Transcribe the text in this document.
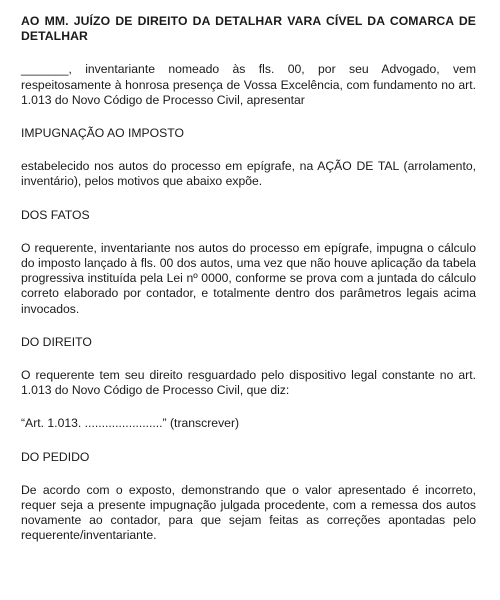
AO MM. JUÍZO DE DIREITO DA DETALHAR VARA CÍVEL DA COMARCA DE DETALHAR
_______, inventariante nomeado às fls. 00, por seu Advogado, vem respeitosamente à honrosa presença de Vossa Excelência, com fundamento no art. 1.013 do Novo Código de Processo Civil, apresentar
IMPUGNAÇÃO AO IMPOSTO
estabelecido nos autos do processo em epígrafe, na AÇÃO DE TAL (arrolamento, inventário), pelos motivos que abaixo expõe.
DOS FATOS
O requerente, inventariante nos autos do processo em epígrafe, impugna o cálculo do imposto lançado à fls. 00 dos autos, uma vez que não houve aplicação da tabela progressiva instituída pela Lei nº 0000, conforme se prova com a juntada do cálculo correto elaborado por contador, e totalmente dentro dos parâmetros legais acima invocados.
DO DIREITO
O requerente tem seu direito resguardado pelo dispositivo legal constante no art. 1.013 do Novo Código de Processo Civil, que diz:
“Art. 1.013. .......................” (transcrever)
DO PEDIDO
De acordo com o exposto, demonstrando que o valor apresentado é incorreto, requer seja a presente impugnação julgada procedente, com a remessa dos autos novamente ao contador, para que sejam feitas as correções apontadas pelo requerente/inventariante.
